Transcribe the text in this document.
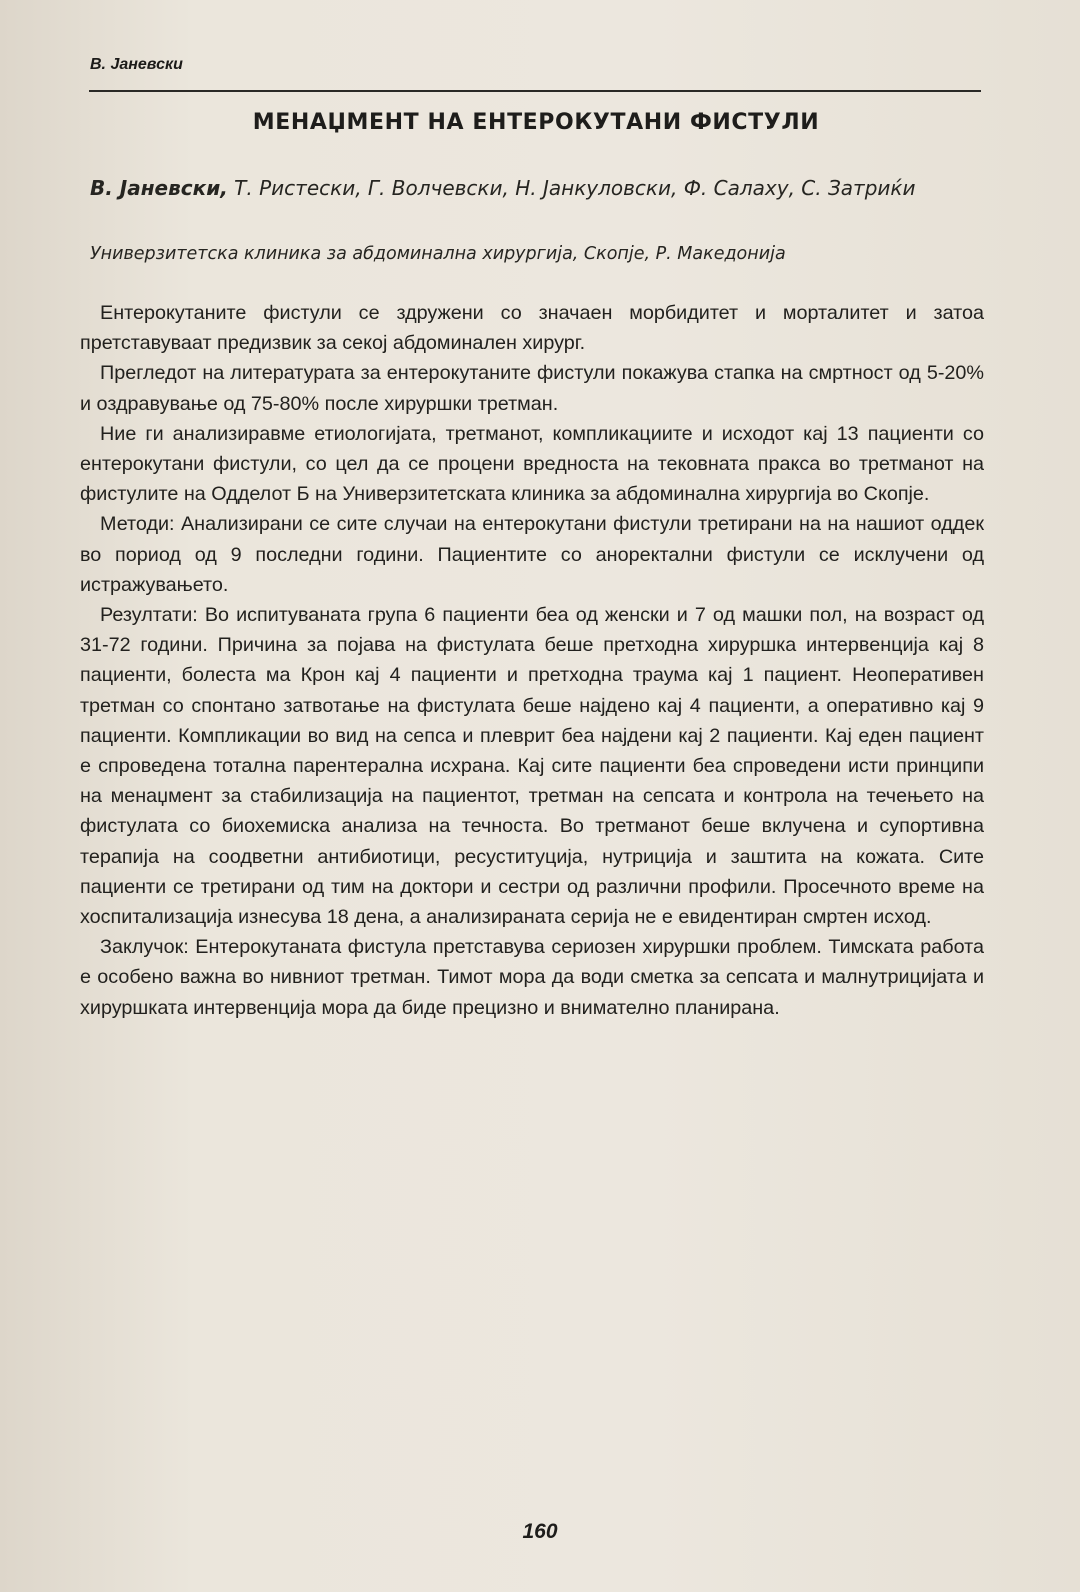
В. Јаневски
МЕНАЏМЕНТ НА ЕНТЕРОКУТАНИ ФИСТУЛИ
В. Јаневски, Т. Ристески, Г. Волчевски, Н. Јанкуловски, Ф. Салаху, С. Затриќи
Универзитетска клиника за абдоминална хирургија, Скопје, Р. Македонија

Ентерокутаните фистули се здружени со значаен морбидитет и морталитет и затоа претставуваат предизвик за секој абдоминален хирург.

Прегледот на литературата за ентерокутаните фистули покажува стапка на смртност од 5-20% и оздравување од 75-80% после хируршки третман.

Ние ги анализиравме етиологијата, третманот, компликациите и исходот кај 13 пациенти со ентерокутани фистули, со цел да се процени вредноста на тековната пракса во третманот на фистулите на Одделот Б на Универзитетската клиника за абдоминална хирургија во Скопје.

Методи: Анализирани се сите случаи на ентерокутани фистули третирани на на нашиот оддек во пориод од 9 последни години. Пациентите со аноректални фистули се исклучени од истражувањето.

Резултати: Во испитуваната група 6 пациенти беа од женски и 7 од машки пол, на возраст од 31-72 години. Причина за појава на фистулата беше претходна хируршка интервенција кај 8 пациенти, болеста ма Крон кај 4 пациенти и претходна траума кај 1 пациент. Неоперативен третман со спонтано затвотање на фистулата беше најдено кај 4 пациенти, а оперативно кај 9 пациенти. Компликации во вид на сепса и плеврит беа најдени кај 2 пациенти. Кај еден пациент е спроведена тотална парентерална исхрана. Кај сите пациенти беа спроведени исти принципи на менаџмент за стабилизација на пациентот, третман на сепсата и контрола на течењето на фистулата со биохемиска анализа на течноста. Во третманот беше вклучена и супортивна терапија на соодветни антибиотици, ресуституција, нутриција и заштита на кожата. Сите пациенти се третирани од тим на доктори и сестри од различни профили. Просечното време на хоспитализација изнесува 18 дена, а анализираната серија не е евидентиран смртен исход.

Заклучок: Ентерокутаната фистула претставува сериозен хируршки проблем. Тимската работа е особено важна во нивниот третман. Тимот мора да води сметка за сепсата и малнутрицијата и хируршката интервенција мора да биде прецизно и внимателно планирана.

160
